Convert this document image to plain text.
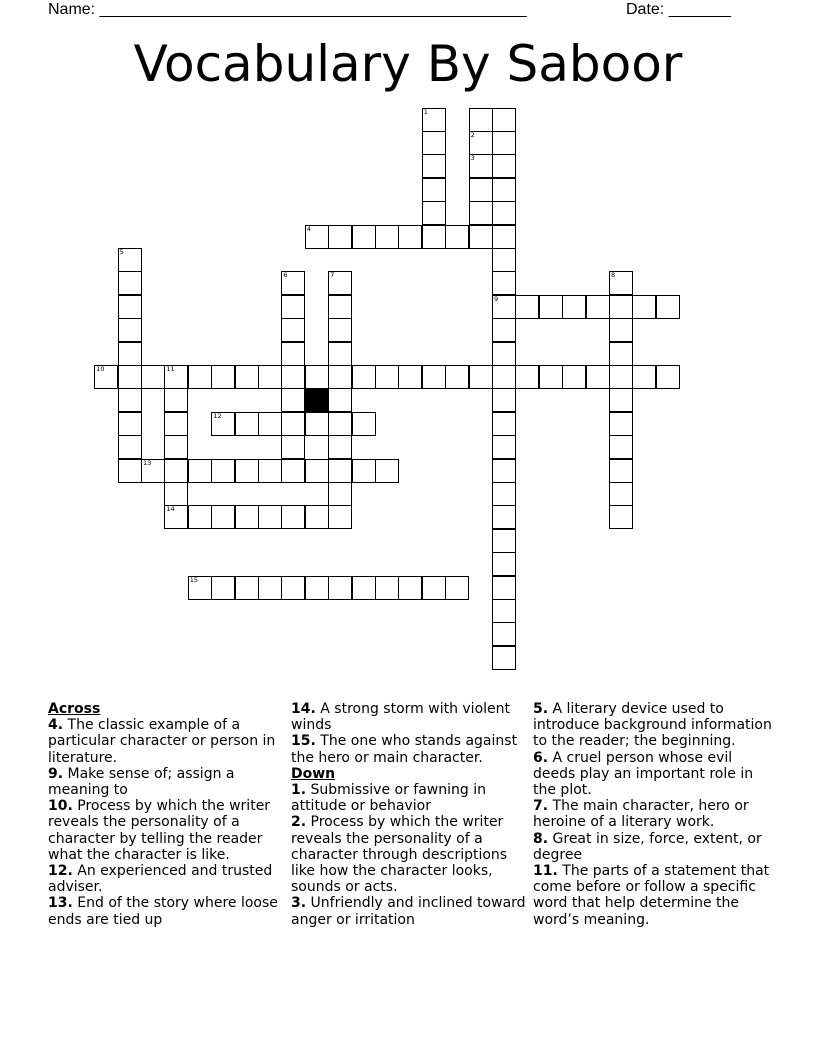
Name: ________________________________________________	Date: _______
Vocabulary By Saboor
2
3
9
4
5
6	7	8
10	11
14
12
13
15
1
Across
4. The classic example of a particular character or person in literature.
9. Make sense of; assign a meaning to
10. Process by which the writer reveals the personality of a character by telling the reader what the character is like.
12. An experienced and trusted adviser.
13. End of the story where loose ends are tied up
14. A strong storm with violent winds
15. The one who stands against the hero or main character.
Down
1. Submissive or fawning in attitude or behavior
2. Process by which the writer reveals the personality of a character through descriptions like how the character looks, sounds or acts.
3. Unfriendly and inclined toward anger or irritation
5. A literary device used to introduce background information to the reader; the beginning.
6. A cruel person whose evil deeds play an important role in the plot.
7. The main character, hero or heroine of a literary work.
8. Great in size, force, extent, or degree
11. The parts of a statement that come before or follow a specific word that help determine the word’s meaning.
